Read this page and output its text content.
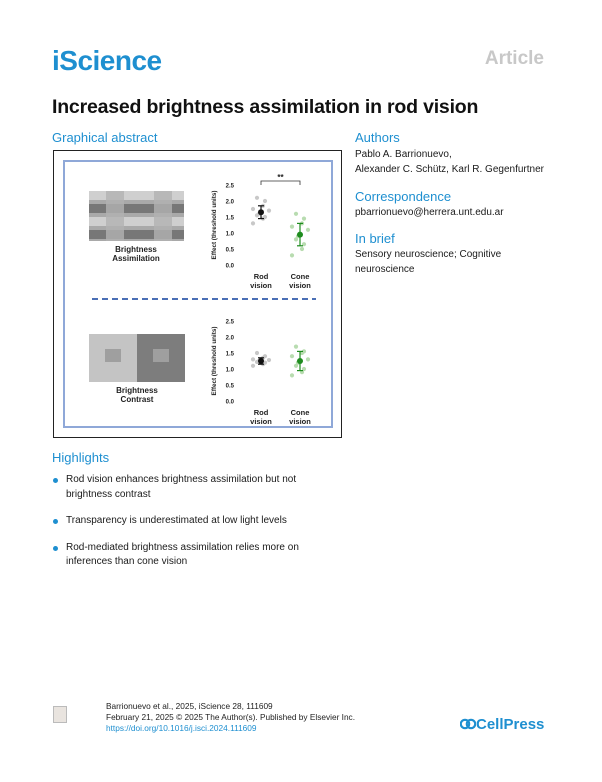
iScience	Article
Increased brightness assimilation in rod vision
Graphical abstract
Brightness
Assimilation	Effect (threshold units)
2.5
2.0
1.5
1.0
0.5
0.0
Rod
vision
Cone
vision
**
Brightness
Contrast
Effect (threshold units)
2.5
2.0
1.5
1.0
0.5
0.0
Rod
vision
Cone
vision
Authors
Pablo A. Barrionuevo,
Alexander C. Schütz, Karl R. Gegenfurtner
Correspondence
pbarrionuevo@herrera.unt.edu.ar
In brief
Sensory neuroscience; Cognitive
neuroscience
Highlights
Rod vision enhances brightness assimilation but not
brightness contrast
Transparency is underestimated at low light levels
Rod-mediated brightness assimilation relies more on
inferences than cone vision
Barrionuevo et al., 2025, iScience 28, 111609
February 21, 2025 © 2025 The Author(s). Published by Elsevier Inc.
https://doi.org/10.1016/j.isci.2024.111609	CellPress
